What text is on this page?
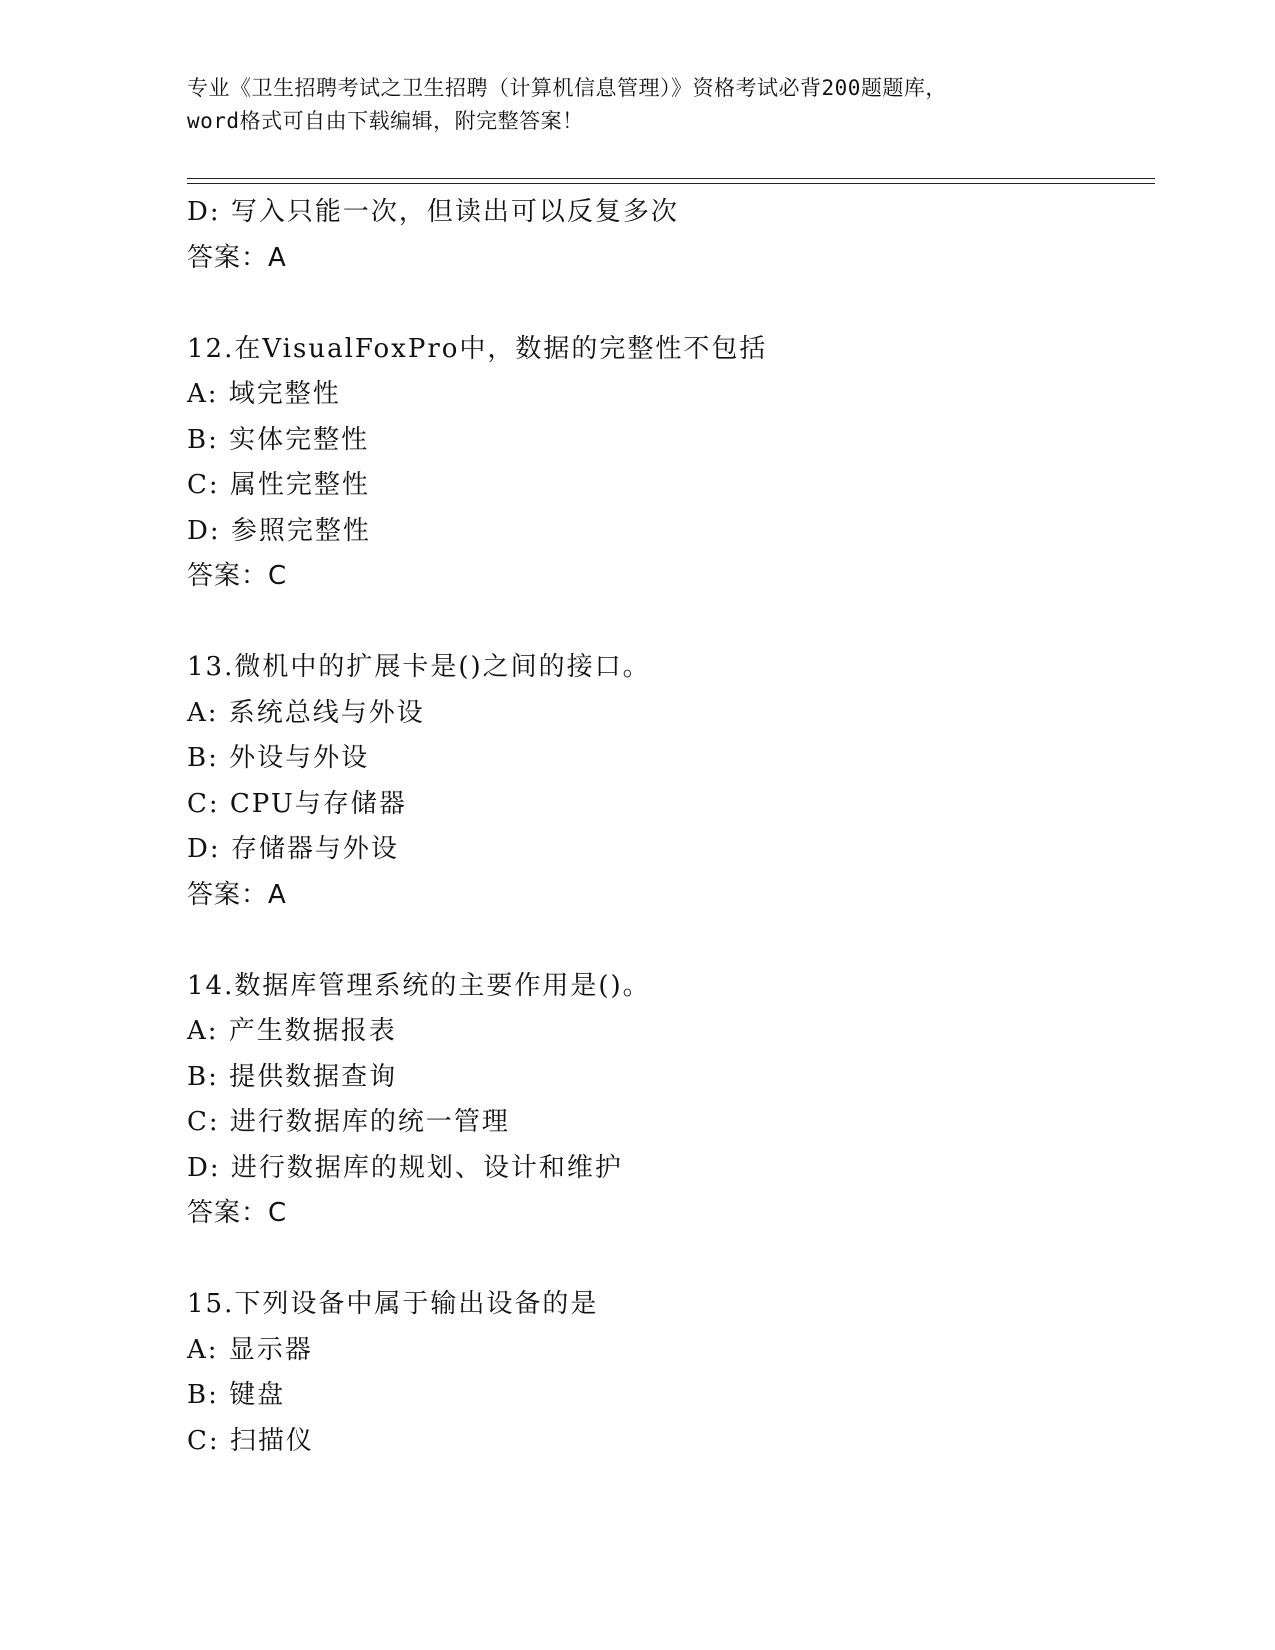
专业《卫生招聘考试之卫生招聘（计算机信息管理）》资格考试必背200题题库，
word格式可自由下载编辑，附完整答案！
D: 写入只能一次，但读出可以反复多次
答案：A
12.在VisualFoxPro中，数据的完整性不包括
A: 域完整性
B: 实体完整性
C: 属性完整性
D: 参照完整性
答案：C
13.微机中的扩展卡是()之间的接口。
A: 系统总线与外设
B: 外设与外设
C: CPU与存储器
D: 存储器与外设
答案：A
14.数据库管理系统的主要作用是()。
A: 产生数据报表
B: 提供数据查询
C: 进行数据库的统一管理
D: 进行数据库的规划、设计和维护
答案：C
15.下列设备中属于输出设备的是
A: 显示器
B: 键盘
C: 扫描仪
